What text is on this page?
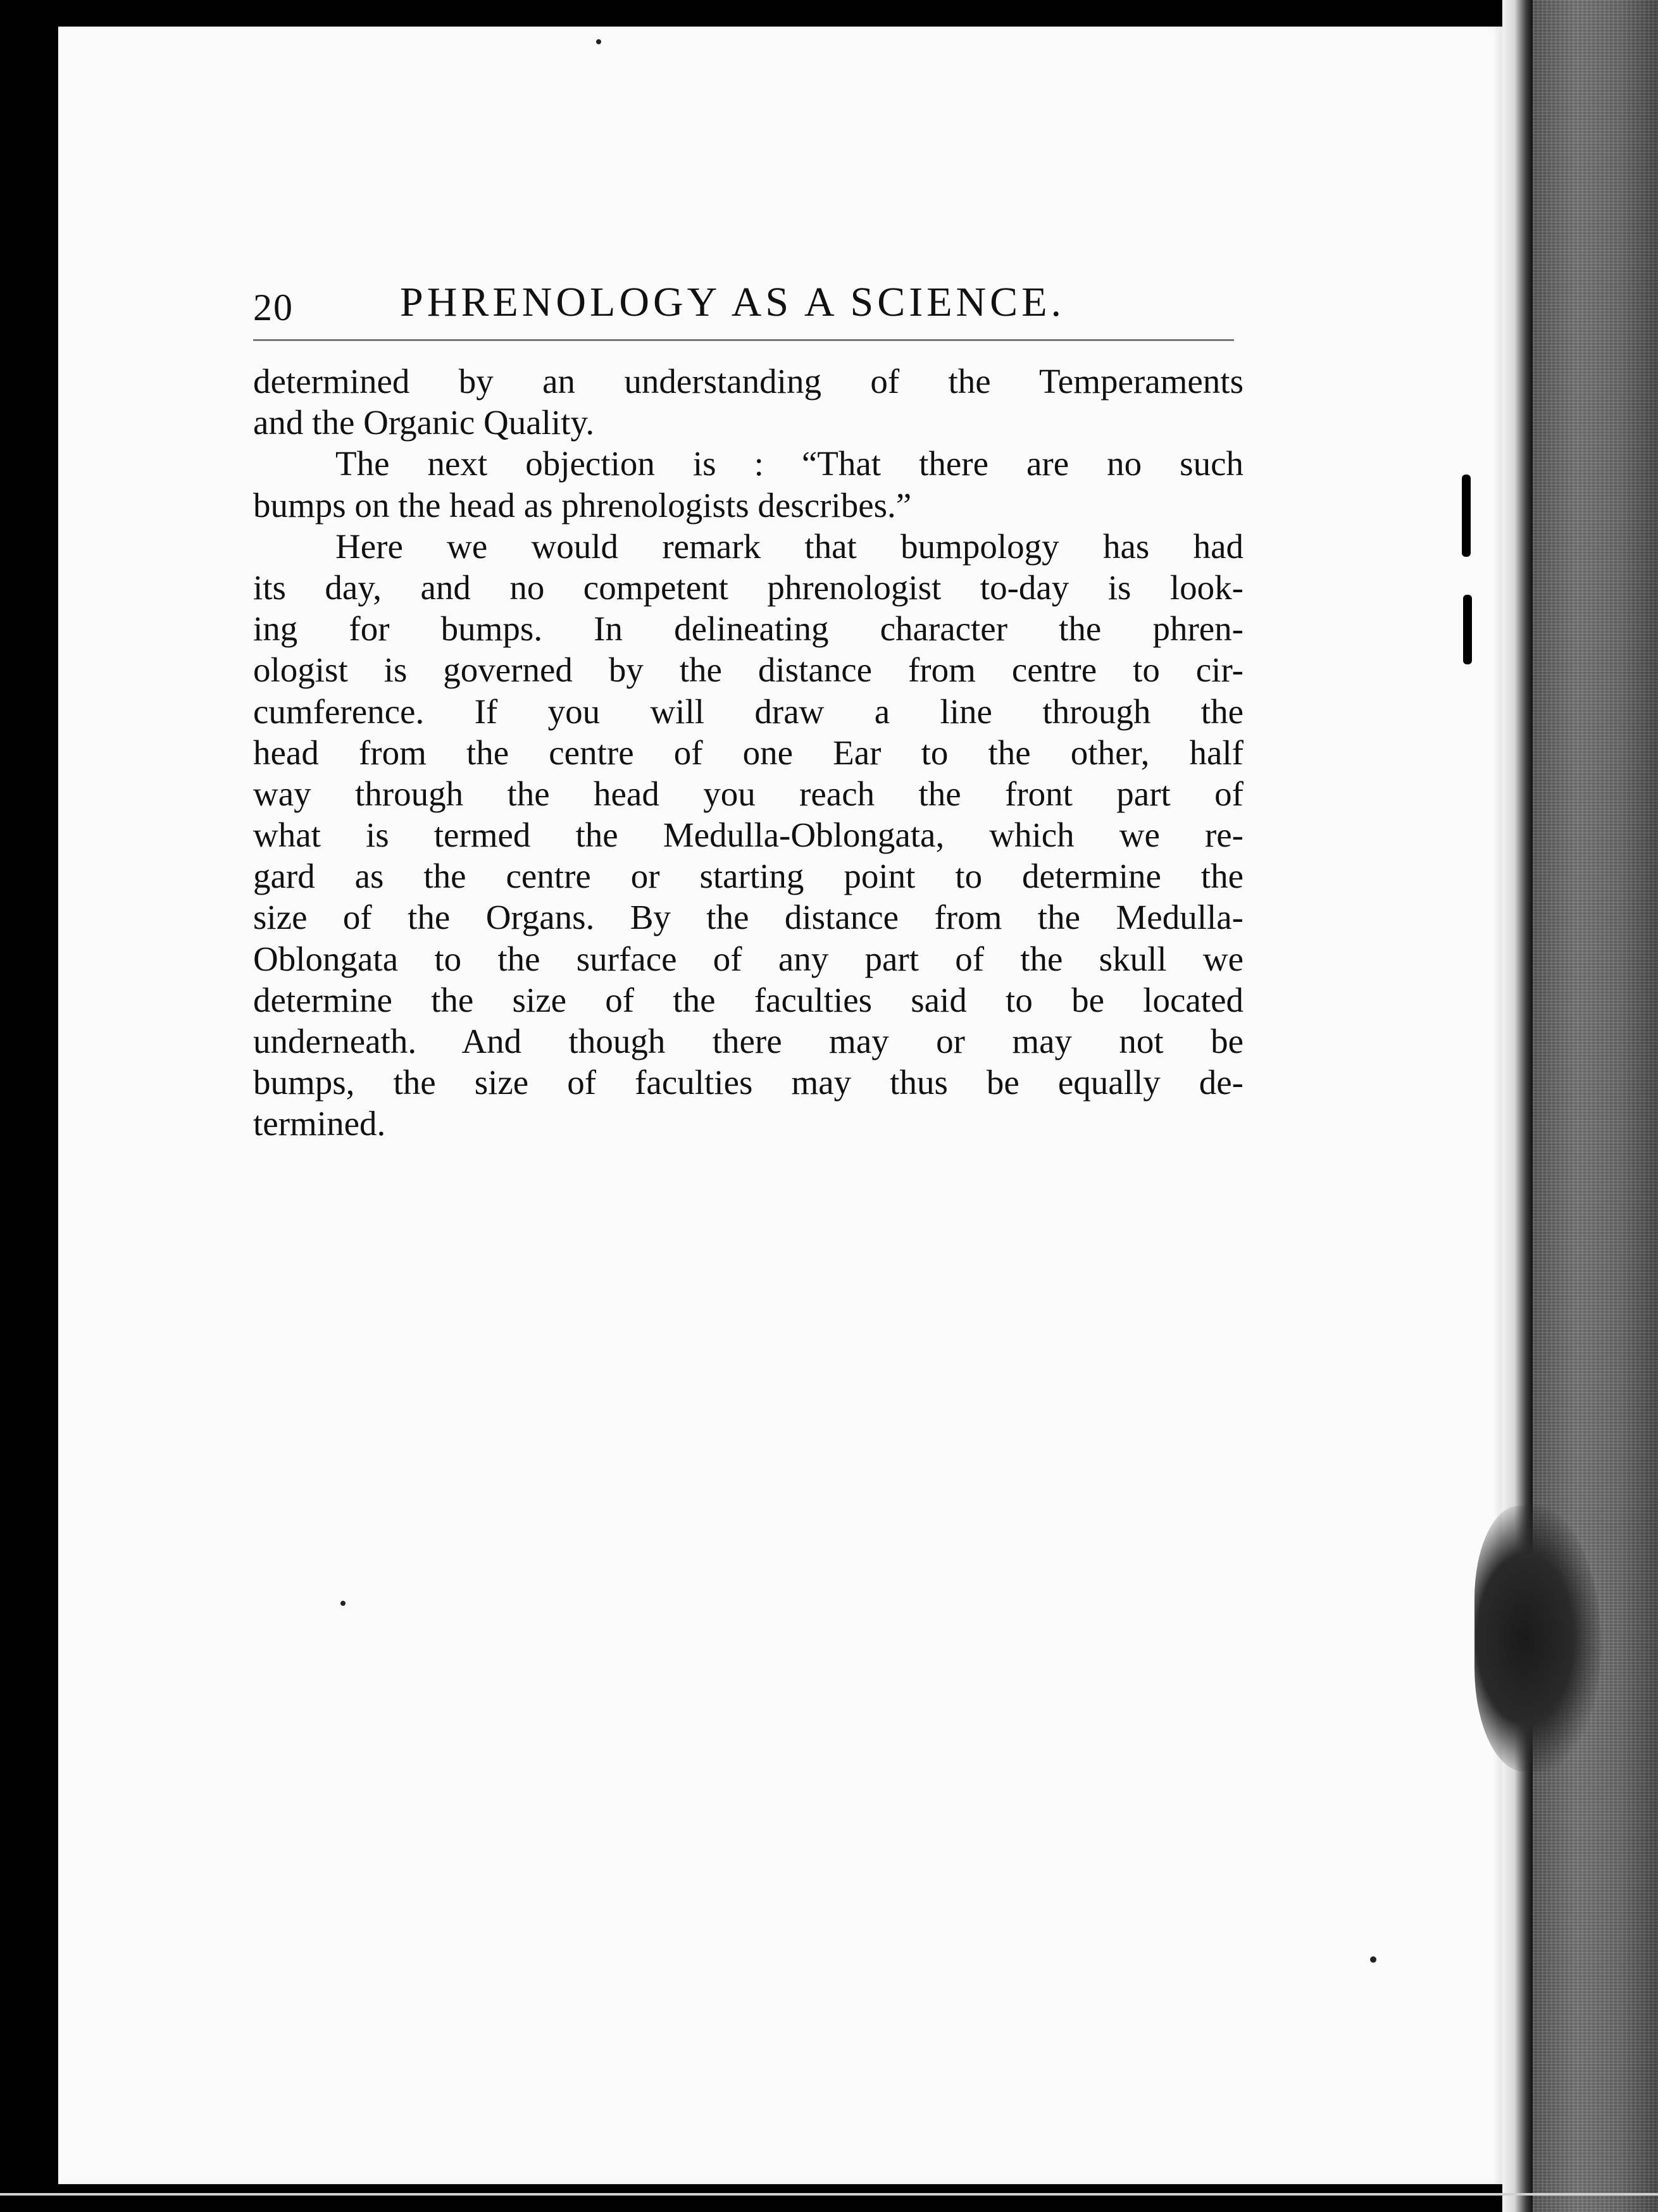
20	PHRENOLOGY AS A SCIENCE.
determined by an understanding of the Temperaments
and the Organic Quality.
The next objection is : “That there are no such
bumps on the head as phrenologists describes.”
Here we would remark that bumpology has had
its day, and no competent phrenologist to-day is look-
ing for bumps. In delineating character the phren-
ologist is governed by the distance from centre to cir-
cumference. If you will draw a line through the
head from the centre of one Ear to the other, half
way through the head you reach the front part of
what is termed the Medulla-Oblongata, which we re-
gard as the centre or starting point to determine the
size of the Organs. By the distance from the Medulla-
Oblongata to the surface of any part of the skull we
determine the size of the faculties said to be located
underneath. And though there may or may not be
bumps, the size of faculties may thus be equally de-
termined.
